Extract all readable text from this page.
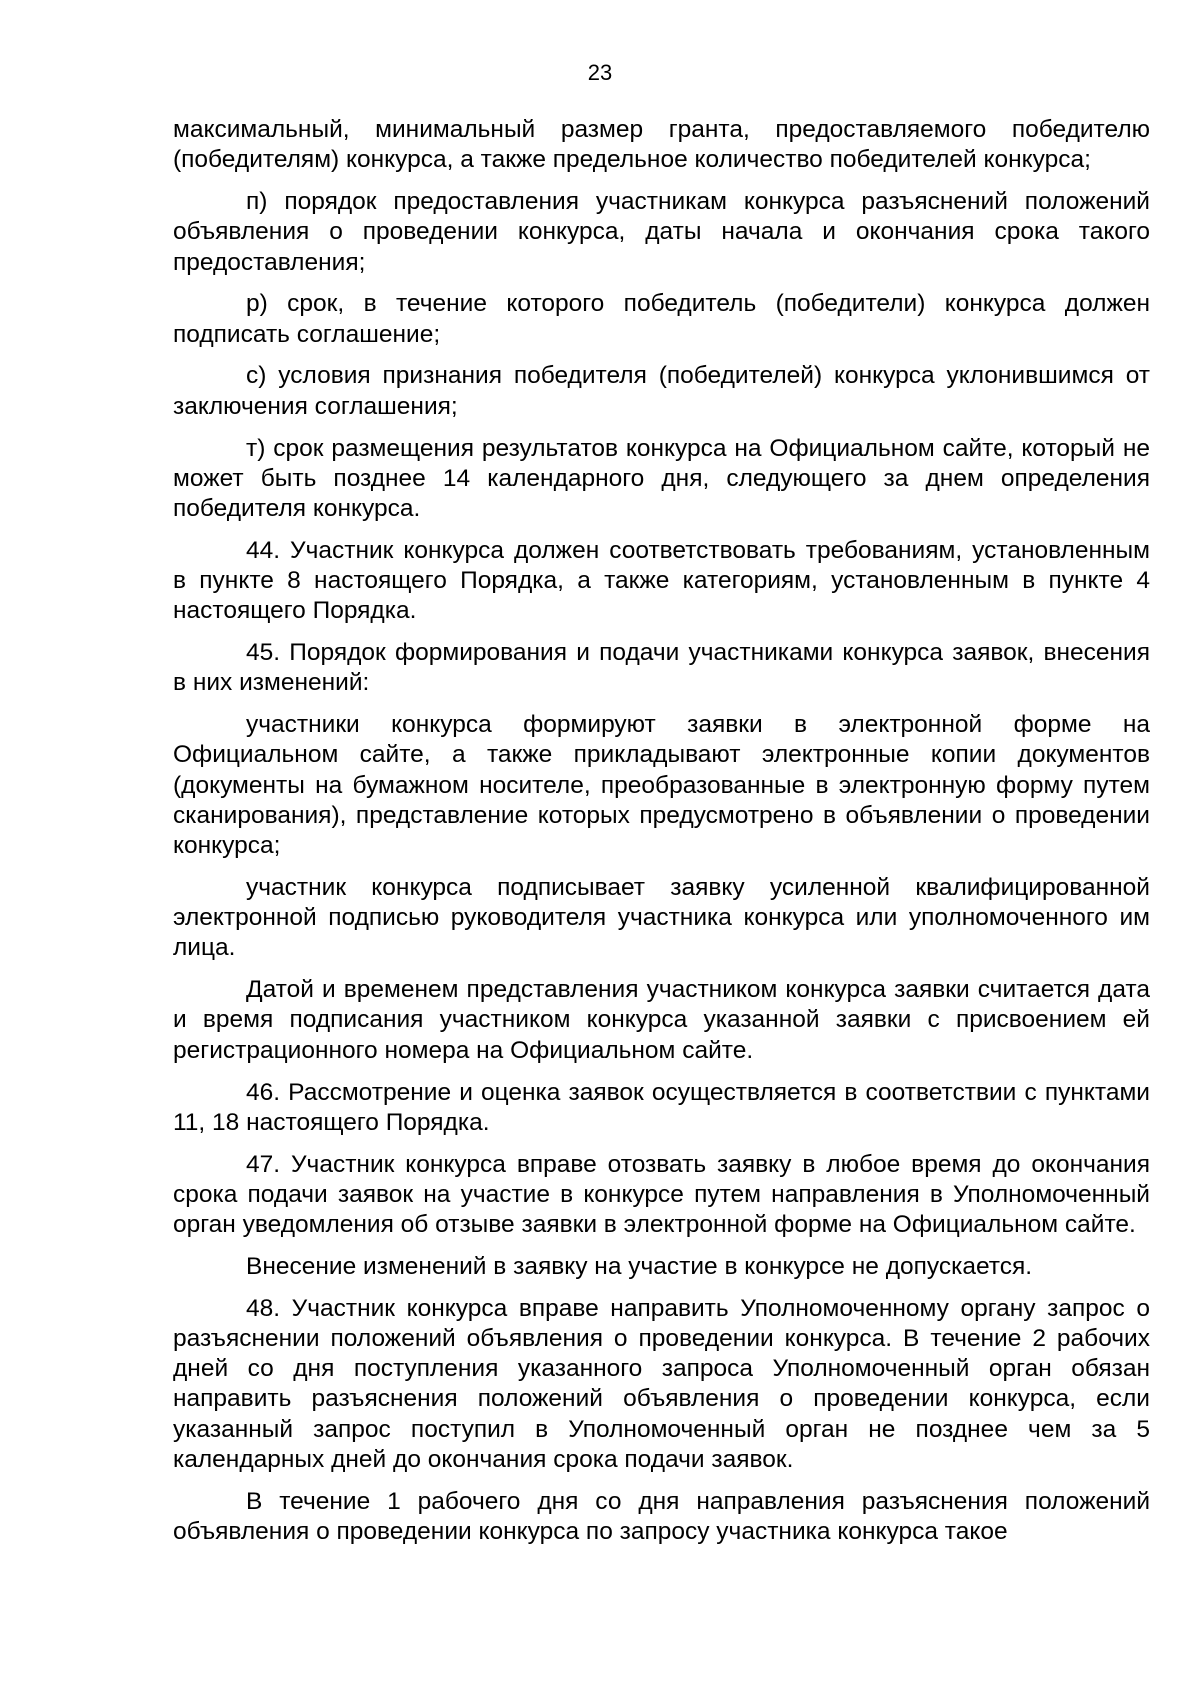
23

максимальный, минимальный размер гранта, предоставляемого победителю (победителям) конкурса, а также предельное количество победителей конкурса;

п) порядок предоставления участникам конкурса разъяснений положений объявления о проведении конкурса, даты начала и окончания срока такого предоставления;

р) срок, в течение которого победитель (победители) конкурса должен подписать соглашение;

с) условия признания победителя (победителей) конкурса уклонившимся от заключения соглашения;

т) срок размещения результатов конкурса на Официальном сайте, который не может быть позднее 14 календарного дня, следующего за днем определения победителя конкурса.

44. Участник конкурса должен соответствовать требованиям, установленным в пункте 8 настоящего Порядка, а также категориям, установленным в пункте 4 настоящего Порядка.

45. Порядок формирования и подачи участниками конкурса заявок, внесения в них изменений:

участники конкурса формируют заявки в электронной форме на Официальном сайте, а также прикладывают электронные копии документов (документы на бумажном носителе, преобразованные в электронную форму путем сканирования), представление которых предусмотрено в объявлении о проведении конкурса;

участник конкурса подписывает заявку усиленной квалифицированной электронной подписью руководителя участника конкурса или уполномоченного им лица.

Датой и временем представления участником конкурса заявки считается дата и время подписания участником конкурса указанной заявки с присвоением ей регистрационного номера на Официальном сайте.

46. Рассмотрение и оценка заявок осуществляется в соответствии с пунктами 11, 18 настоящего Порядка.

47. Участник конкурса вправе отозвать заявку в любое время до окончания срока подачи заявок на участие в конкурсе путем направления в Уполномоченный орган уведомления об отзыве заявки в электронной форме на Официальном сайте.

Внесение изменений в заявку на участие в конкурсе не допускается.

48. Участник конкурса вправе направить Уполномоченному органу запрос о разъяснении положений объявления о проведении конкурса. В течение 2 рабочих дней со дня поступления указанного запроса Уполномоченный орган обязан направить разъяснения положений объявления о проведении конкурса, если указанный запрос поступил в Уполномоченный орган не позднее чем за 5 календарных дней до окончания срока подачи заявок.

В течение 1 рабочего дня со дня направления разъяснения положений объявления о проведении конкурса по запросу участника конкурса такое
